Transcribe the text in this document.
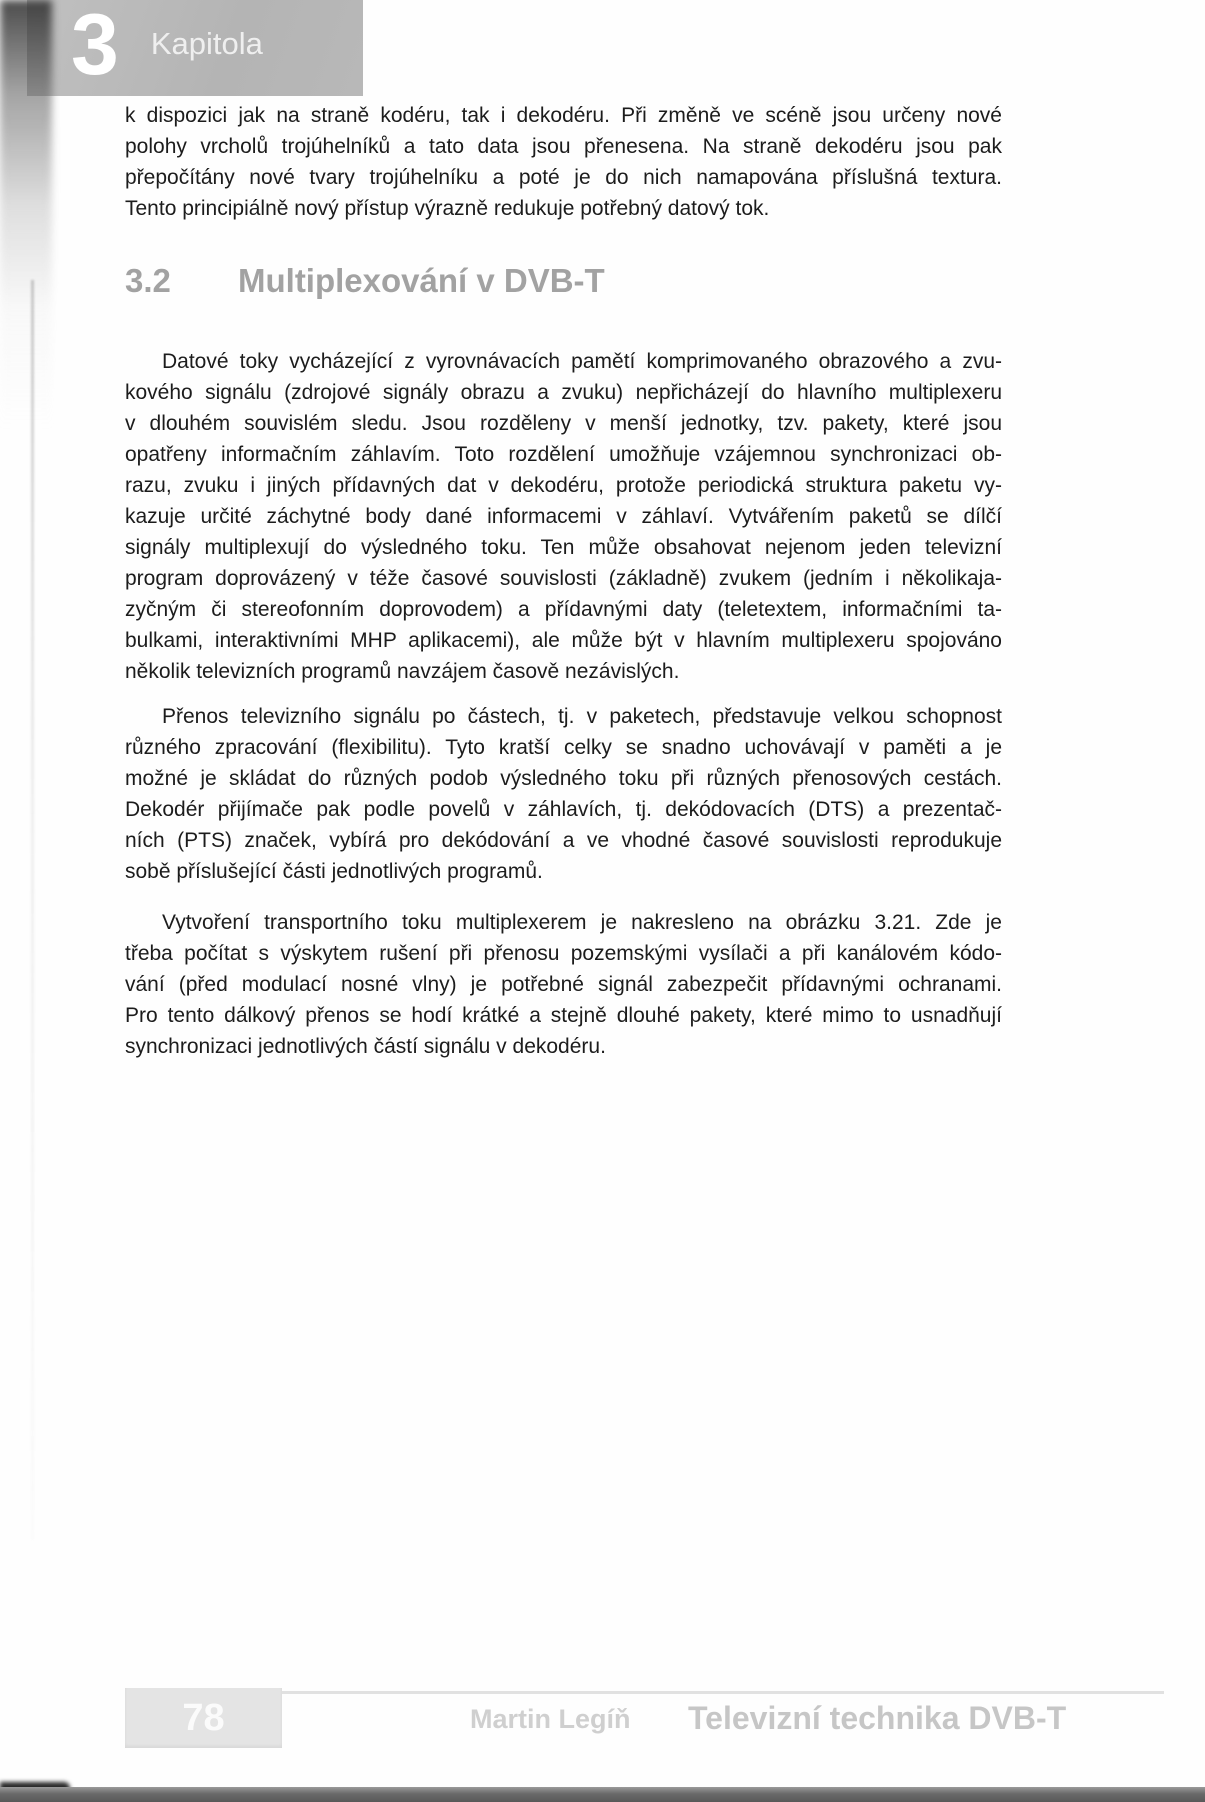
3 Kapitola
k dispozici jak na straně kodéru, tak i dekodéru. Při změně ve scéně jsou určeny nové
polohy vrcholů trojúhelníků a tato data jsou přenesena. Na straně dekodéru jsou pak
přepočítány nové tvary trojúhelníku a poté je do nich namapována příslušná textura.
Tento principiálně nový přístup výrazně redukuje potřebný datový tok.
3.2	Multiplexování v DVB-T
Datové toky vycházející z vyrovnávacích pamětí komprimovaného obrazového a zvu-
kového signálu (zdrojové signály obrazu a zvuku) nepřicházejí do hlavního multiplexeru
v dlouhém souvislém sledu. Jsou rozděleny v menší jednotky, tzv. pakety, které jsou
opatřeny informačním záhlavím. Toto rozdělení umožňuje vzájemnou synchronizaci ob-
razu, zvuku i jiných přídavných dat v dekodéru, protože periodická struktura paketu vy-
kazuje určité záchytné body dané informacemi v záhlaví. Vytvářením paketů se dílčí
signály multiplexují do výsledného toku. Ten může obsahovat nejenom jeden televizní
program doprovázený v téže časové souvislosti (základně) zvukem (jedním i několikaja-
zyčným či stereofonním doprovodem) a přídavnými daty (teletextem, informačními ta-
bulkami, interaktivními MHP aplikacemi), ale může být v hlavním multiplexeru spojováno
několik televizních programů navzájem časově nezávislých.
Přenos televizního signálu po částech, tj. v paketech, představuje velkou schopnost
různého zpracování (flexibilitu). Tyto kratší celky se snadno uchovávají v paměti a je
možné je skládat do různých podob výsledného toku při různých přenosových cestách.
Dekodér přijímače pak podle povelů v záhlavích, tj. dekódovacích (DTS) a prezentač-
ních (PTS) značek, vybírá pro dekódování a ve vhodné časové souvislosti reprodukuje
sobě příslušející části jednotlivých programů.
Vytvoření transportního toku multiplexerem je nakresleno na obrázku 3.21. Zde je
třeba počítat s výskytem rušení při přenosu pozemskými vysílači a při kanálovém kódo-
vání (před modulací nosné vlny) je potřebné signál zabezpečit přídavnými ochranami.
Pro tento dálkový přenos se hodí krátké a stejně dlouhé pakety, které mimo to usnadňují
synchronizaci jednotlivých částí signálu v dekodéru.
78	Martin Legíň Televizní technika DVB-T
